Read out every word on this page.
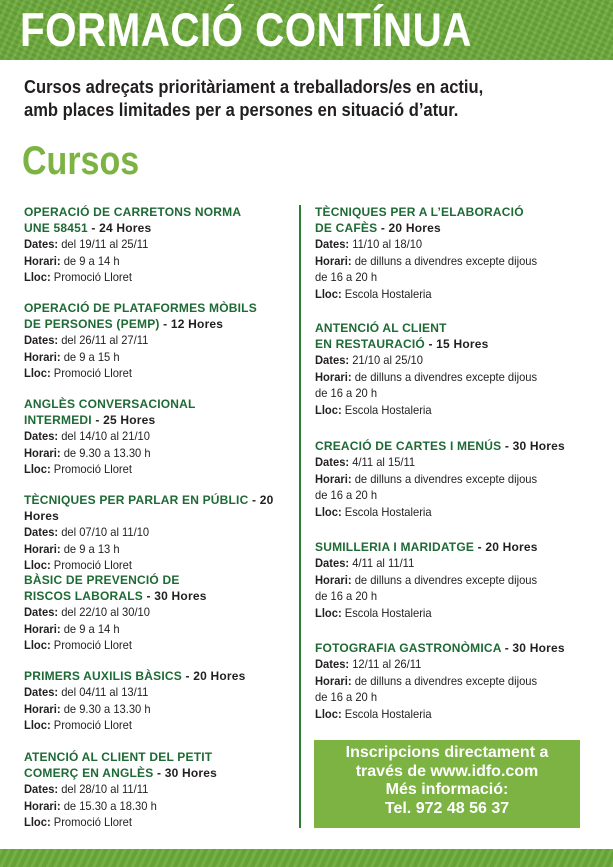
FORMACIÓ CONTÍNUA
Cursos adreçats prioritàriament a treballadors/es en actiu,
amb places limitades per a persones en situació d’atur.
Cursos
OPERACIÓ DE CARRETONS NORMA
UNE 58451 - 24 Hores
Dates: del 19/11 al 25/11
Horari: de 9 a 14 h
Lloc: Promoció Lloret
OPERACIÓ DE PLATAFORMES MÒBILS
DE PERSONES (PEMP) - 12 Hores
Dates: del 26/11 al 27/11
Horari: de 9 a 15 h
Lloc: Promoció Lloret
ANGLÈS CONVERSACIONAL
INTERMEDI - 25 Hores
Dates: del 14/10 al 21/10
Horari: de 9.30 a 13.30 h
Lloc: Promoció Lloret
TÈCNIQUES PER PARLAR EN PÚBLIC - 20 Hores
Dates: del 07/10 al 11/10
Horari: de 9 a 13 h
Lloc: Promoció Lloret
BÀSIC DE PREVENCIÓ DE
RISCOS LABORALS - 30 Hores
Dates: del 22/10 al 30/10
Horari: de 9 a 14 h
Lloc: Promoció Lloret
PRIMERS AUXILIS BÀSICS - 20 Hores
Dates: del 04/11 al 13/11
Horari: de 9.30 a 13.30 h
Lloc: Promoció Lloret
ATENCIÓ AL CLIENT DEL PETIT
COMERÇ EN ANGLÈS - 30 Hores
Dates: del 28/10 al 11/11
Horari: de 15.30 a 18.30 h
Lloc: Promoció Lloret
TÈCNIQUES PER A L’ELABORACIÓ
DE CAFÈS - 20 Hores
Dates: 11/10 al 18/10
Horari: de dilluns a divendres excepte dijous
de 16 a 20 h
Lloc: Escola Hostaleria
ANTENCIÓ AL CLIENT
EN RESTAURACIÓ - 15 Hores
Dates: 21/10 al 25/10
Horari: de dilluns a divendres excepte dijous
de 16 a 20 h
Lloc: Escola Hostaleria
CREACIÓ DE CARTES I MENÚS - 30 Hores
Dates: 4/11 al 15/11
Horari: de dilluns a divendres excepte dijous
de 16 a 20 h
Lloc: Escola Hostaleria
SUMILLERIA I MARIDATGE - 20 Hores
Dates: 4/11 al 11/11
Horari: de dilluns a divendres excepte dijous
de 16 a 20 h
Lloc: Escola Hostaleria
FOTOGRAFIA GASTRONÒMICA - 30 Hores
Dates: 12/11 al 26/11
Horari: de dilluns a divendres excepte dijous
de 16 a 20 h
Lloc: Escola Hostaleria
Inscripcions directament a
través de www.idfo.com
Més informació:
Tel. 972 48 56 37
